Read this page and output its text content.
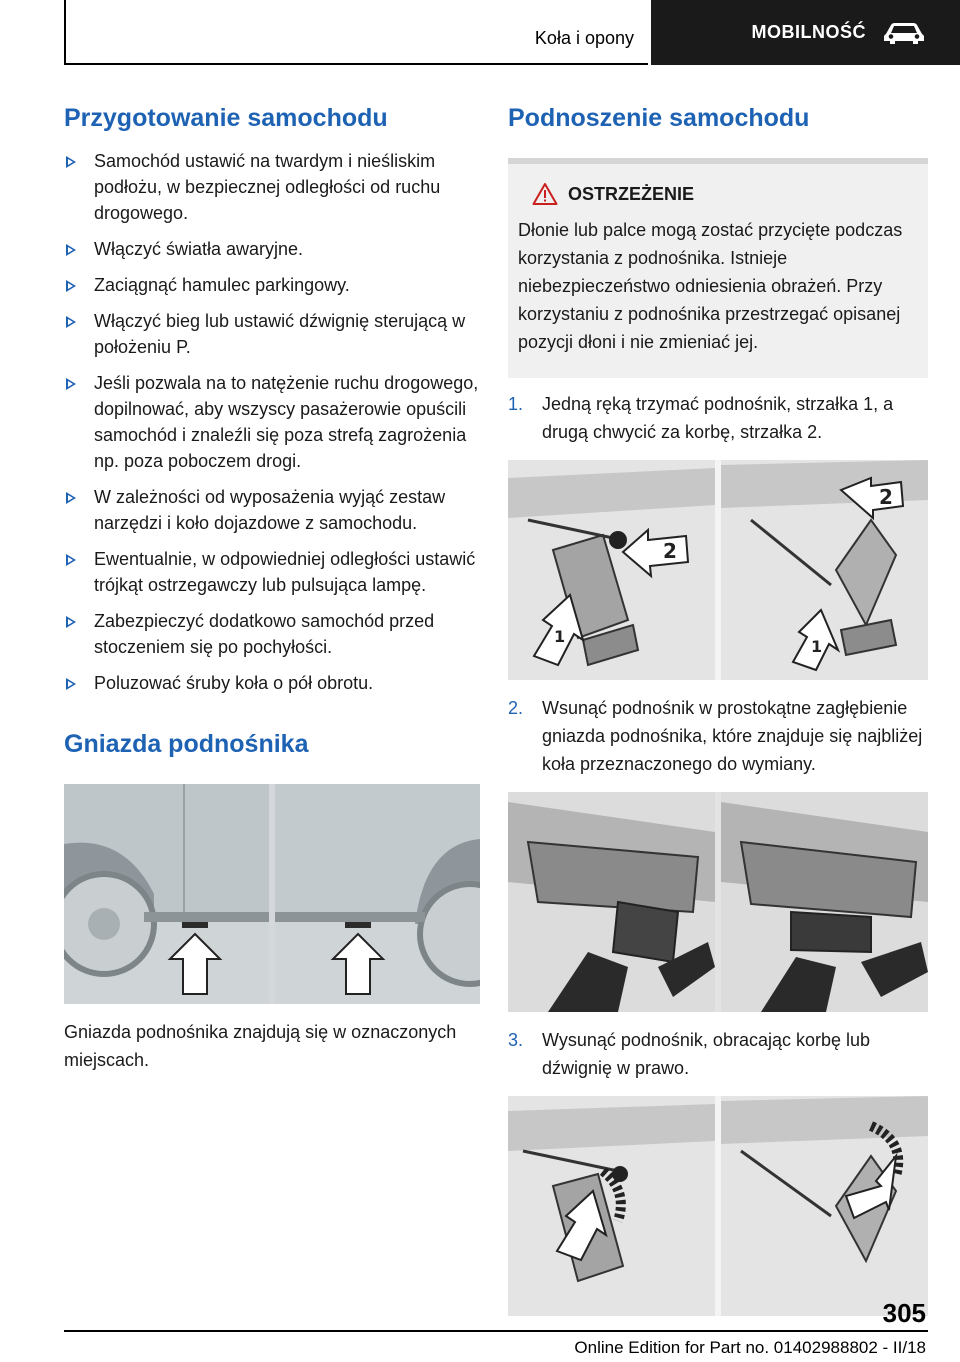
Koła i opony	MOBILNOŚĆ
Przygotowanie samochodu
Samochód ustawić na twardym i nieśliskim podłożu, w bezpiecznej odległości od ruchu drogowego.
Włączyć światła awaryjne.
Zaciągnąć hamulec parkingowy.
Włączyć bieg lub ustawić dźwignię sterującą w położeniu P.
Jeśli pozwala na to natężenie ruchu drogowego, dopilnować, aby wszyscy pasażerowie opuścili samochód i znaleźli się poza strefą zagrożenia np. poza poboczem drogi.
W zależności od wyposażenia wyjąć zestaw narzędzi i koło dojazdowe z samochodu.
Ewentualnie, w odpowiedniej odległości ustawić trójkąt ostrzegawczy lub pulsująca lampę.
Zabezpieczyć dodatkowo samochód przed stoczeniem się po pochyłości.
Poluzować śruby koła o pół obrotu.
Gniazda podnośnika
Gniazda podnośnika znajdują się w oznaczonych miejscach.
Podnoszenie samochodu
OSTRZEŻENIE
Dłonie lub palce mogą zostać przycięte podczas korzystania z podnośnika. Istnieje niebezpieczeństwo odniesienia obrażeń. Przy korzystaniu z podnośnika przestrzegać opisanej pozycji dłoni i nie zmieniać jej.
1. Jedną ręką trzymać podnośnik, strzałka 1, a drugą chwycić za korbę, strzałka 2.
2
1
2
1
2. Wsunąć podnośnik w prostokątne zagłębienie gniazda podnośnika, które znajduje się najbliżej koła przeznaczonego do wymiany.
3. Wysunąć podnośnik, obracając korbę lub dźwignię w prawo.
305
Online Edition for Part no. 01402988802 - II/18
